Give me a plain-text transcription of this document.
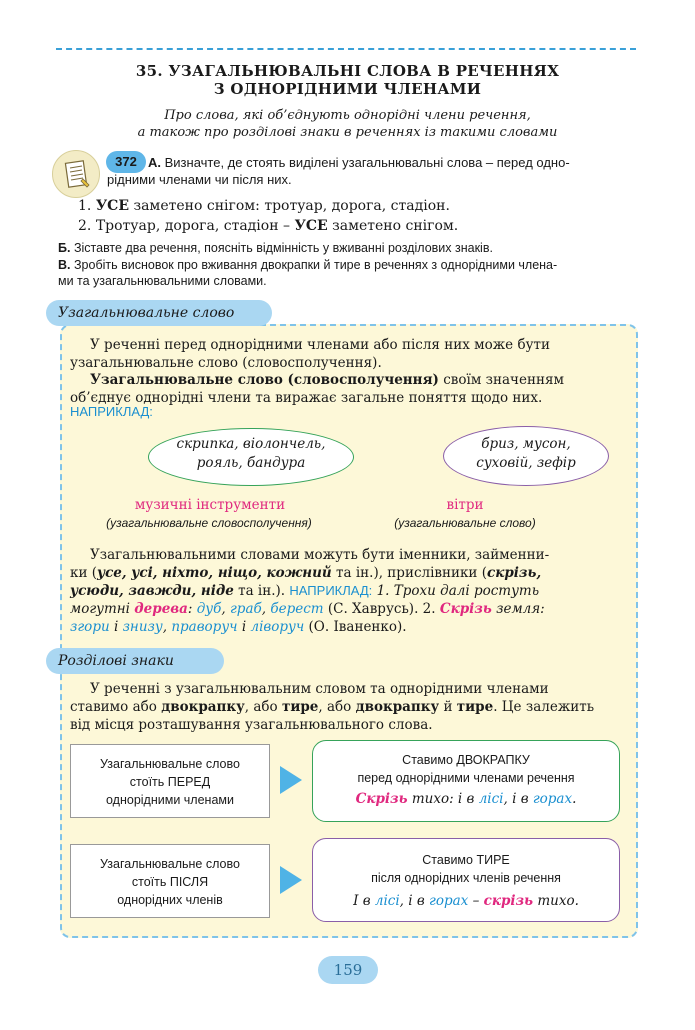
35. УЗАГАЛЬНЮВАЛЬНІ СЛОВА В РЕЧЕННЯХ
З ОДНОРІДНИМИ ЧЛЕНАМИ
Про слова, які об’єднують однорідні члени речення,
а також про розділові знаки в реченнях із такими словами
372 А. Визначте, де стоять виділені узагальнювальні слова – перед одно-
рідними членами чи після них.
1. УСЕ заметено снігом: тротуар, дорога, стадіон.
2. Тротуар, дорога, стадіон – УСЕ заметено снігом.
Б. Зіставте два речення, поясніть відмінність у вживанні розділових знаків.
В. Зробіть висновок про вживання двокрапки й тире в реченнях з однорідними члена-
ми та узагальнювальними словами.
Узагальнювальне слово
У реченні перед однорідними членами або після них може бути
узагальнювальне слово (словосполучення).
Узагальнювальне слово (словосполучення) своїм значенням
об’єднує однорідні члени та виражає загальне поняття щодо них.
НАПРИКЛАД:
скрипка, віолончель,
рояль, бандура
бриз, мусон,
суховій, зефір
музичні інструменти	вітри
(узагальнювальне словосполучення)	(узагальнювальне слово)
Узагальнювальними словами можуть бути іменники, займенни-
ки (усе, усі, ніхто, ніщо, кожний та ін.), прислівники (скрізь,
усюди, завжди, ніде та ін.). НАПРИКЛАД: 1. Трохи далі ростуть
могутні дерева: дуб, граб, берест (С. Хаврусь). 2. Скрізь земля:
згори і знизу, праворуч і ліворуч (О. Іваненко).
Розділові знаки
У реченні з узагальнювальним словом та однорідними членами
ставимо або двокрапку, або тире, або двокрапку й тире. Це залежить
від місця розташування узагальнювального слова.
Узагальнювальне слово
стоїть ПЕРЕД
однорідними членами
Ставимо ДВОКРАПКУ
перед однорідними членами речення
Скрізь тихо: і в лісі, і в горах.
Узагальнювальне слово
стоїть ПІСЛЯ
однорідних членів
Ставимо ТИРЕ
після однорідних членів речення
І в лісі, і в горах – скрізь тихо.
159
